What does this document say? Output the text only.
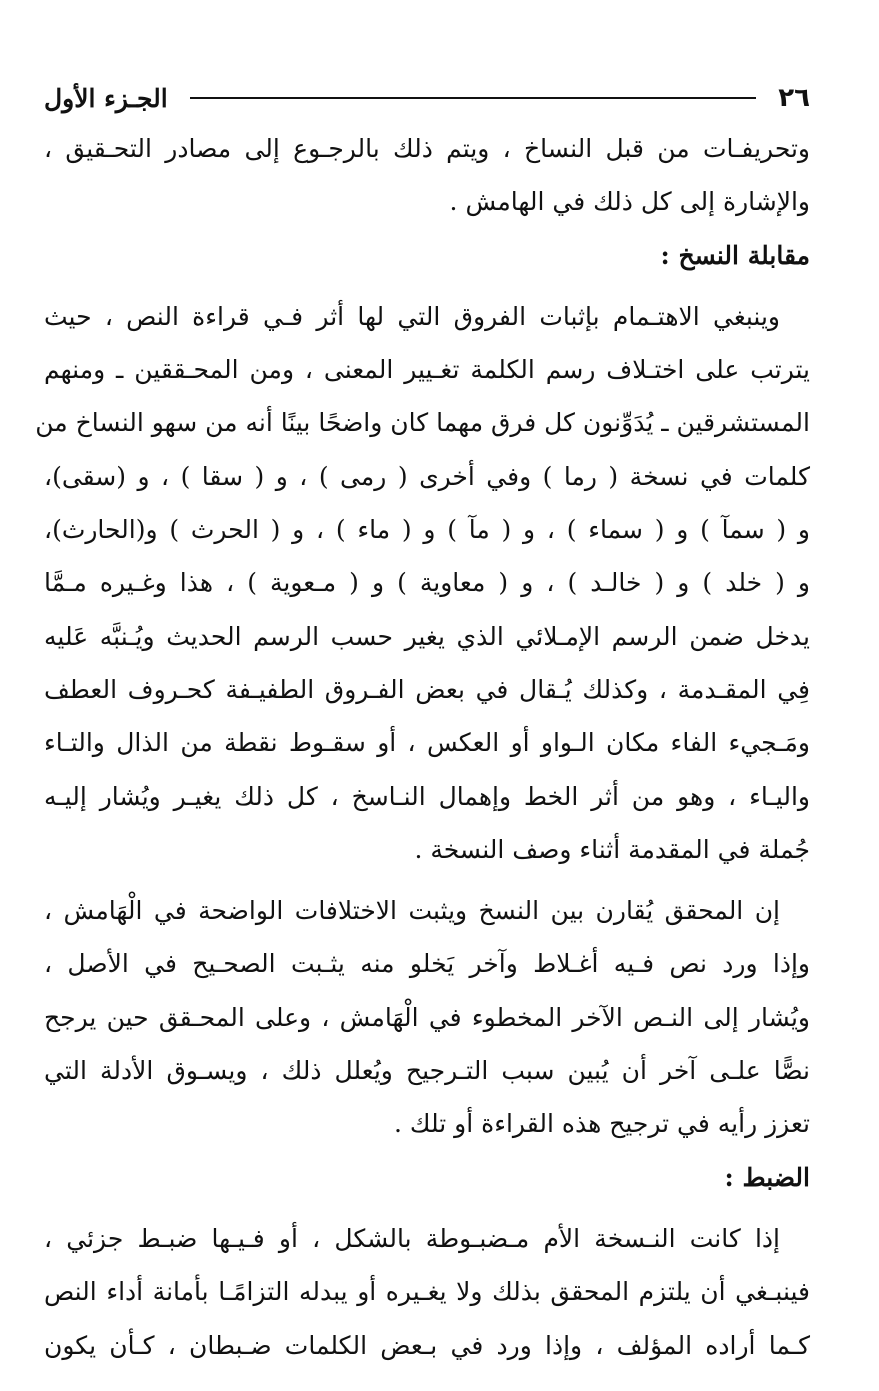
٢٦
الجـزء الأول
وتحريفـات من قبل النساخ ، ويتم ذلك بالرجـوع إلى مصادر التحـقيق ،
والإشارة إلى كل ذلك في الهامش .
مقابلة النسخ :
وينبغي الاهتـمام بإثبات الفروق التي لها أثر فـي قراءة النص ، حيث
يترتب على اختـلاف رسم الكلمة تغـيير المعنى ، ومن المحـققين ـ ومنهم
المستشرقين ـ يُدَوِّنون كل فرق مهما كان واضحًا بينًا أنه من سهو النساخ من
كلمات في نسخة ( رما ) وفي أخرى ( رمى ) ، و ( سقا ) ، و (سقى)،
و ( سمآ ) و ( سماء ) ، و ( مآ ) و ( ماء ) ، و ( الحرث ) و(الحارث)،
و ( خلد ) و ( خالـد ) ، و ( معاوية ) و ( مـعوية ) ، هذا وغـيره مـمَّا
يدخل ضمن الرسم الإمـلائي الذي يغير حسب الرسم الحديث ويُـنبَّه عَليه
فِي المقـدمة ، وكذلك يُـقال في بعض الفـروق الطفيـفة كحـروف العطف
ومَـجيء الفاء مكان الـواو أو العكس ، أو سقـوط نقطة من الذال والتـاء
واليـاء ، وهو من أثر الخط وإهمال النـاسخ ، كل ذلك يغيـر ويُشار إليـه
جُملة في المقدمة أثناء وصف النسخة .
إن المحقق يُقارن بين النسخ ويثبت الاختلافات الواضحة في الْهَامش ،
وإذا ورد نص فـيه أغـلاط وآخر يَخلو منه يثـبت الصحـيح في الأصل ،
ويُشار إلى النـص الآخر المخطوء في الْهَامش ، وعلى المحـقق حين يرجح
نصًّا علـى آخر أن يُبين سبب التـرجيح ويُعلل ذلك ، ويسـوق الأدلة التي
تعزز رأيه في ترجيح هذه القراءة أو تلك .
الضبط :
إذا كانت النـسخة الأم مـضبـوطة بالشكل ، أو فـيـها ضبـط جزئي ،
فينبـغي أن يلتزم المحقق بذلك ولا يغـيره أو يبدله التزامًـا بأمانة أداء النص
كـما أراده المؤلف ، وإذا ورد في بـعض الكلمات ضـبطان ، كـأن يكون
